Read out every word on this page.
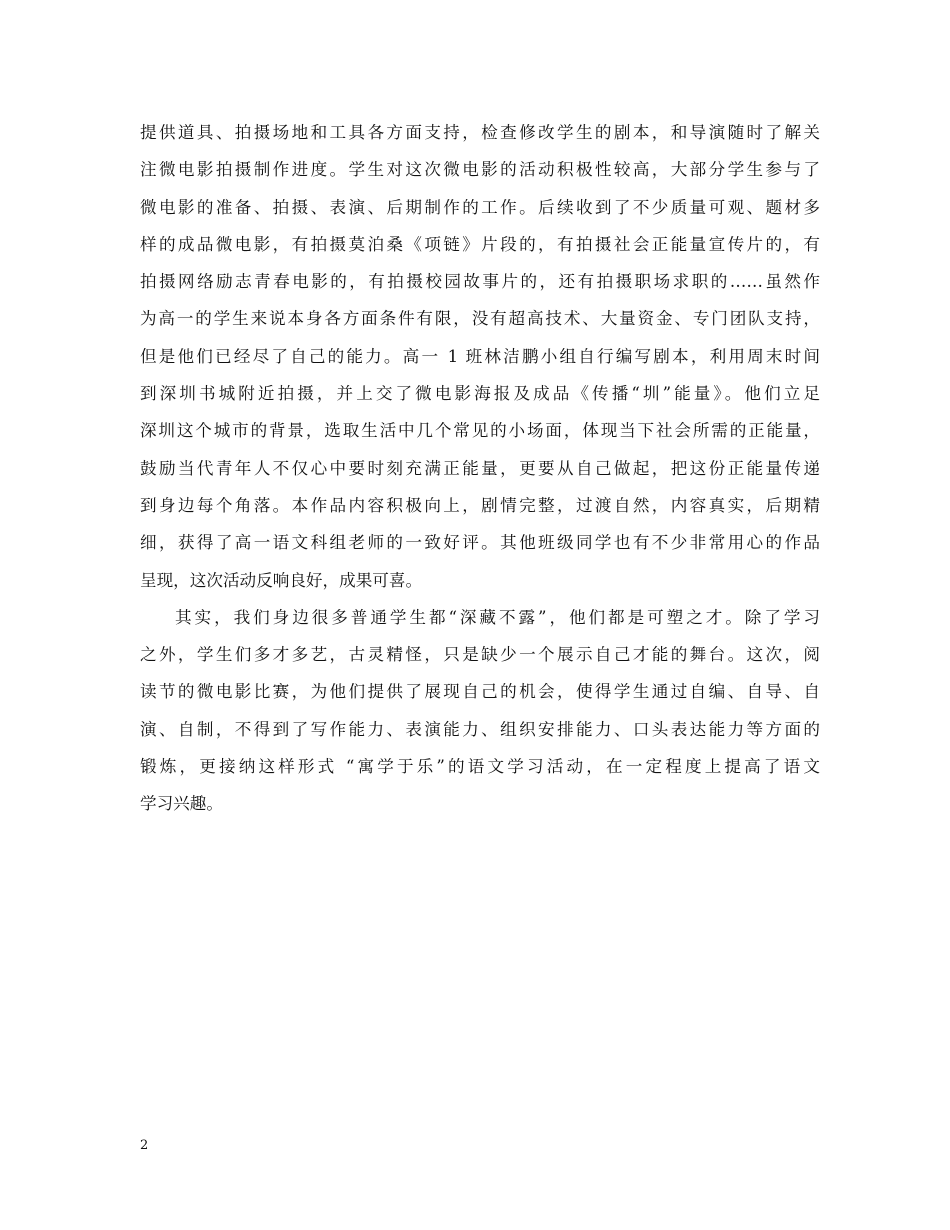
提供道具、拍摄场地和工具各方面支持，检查修改学生的剧本，和导演随时了解关
注微电影拍摄制作进度。学生对这次微电影的活动积极性较高，大部分学生参与了
微电影的准备、拍摄、表演、后期制作的工作。后续收到了不少质量可观、题材多
样的成品微电影，有拍摄莫泊桑《项链》片段的，有拍摄社会正能量宣传片的，有
拍摄网络励志青春电影的，有拍摄校园故事片的，还有拍摄职场求职的……虽然作
为高一的学生来说本身各方面条件有限，没有超高技术、大量资金、专门团队支持，
但是他们已经尽了自己的能力。高一 1 班林洁鹏小组自行编写剧本，利用周末时间
到深圳书城附近拍摄，并上交了微电影海报及成品《传播“圳”能量》。他们立足
深圳这个城市的背景，选取生活中几个常见的小场面，体现当下社会所需的正能量，
鼓励当代青年人不仅心中要时刻充满正能量，更要从自己做起，把这份正能量传递
到身边每个角落。本作品内容积极向上，剧情完整，过渡自然，内容真实，后期精
细，获得了高一语文科组老师的一致好评。其他班级同学也有不少非常用心的作品
呈现，这次活动反响良好，成果可喜。
其实，我们身边很多普通学生都“深藏不露”，他们都是可塑之才。除了学习
之外，学生们多才多艺，古灵精怪，只是缺少一个展示自己才能的舞台。这次，阅
读节的微电影比赛，为他们提供了展现自己的机会，使得学生通过自编、自导、自
演、自制，不得到了写作能力、表演能力、组织安排能力、口头表达能力等方面的
锻炼，更接纳这样形式 “寓学于乐”的语文学习活动，在一定程度上提高了语文
学习兴趣。
2
